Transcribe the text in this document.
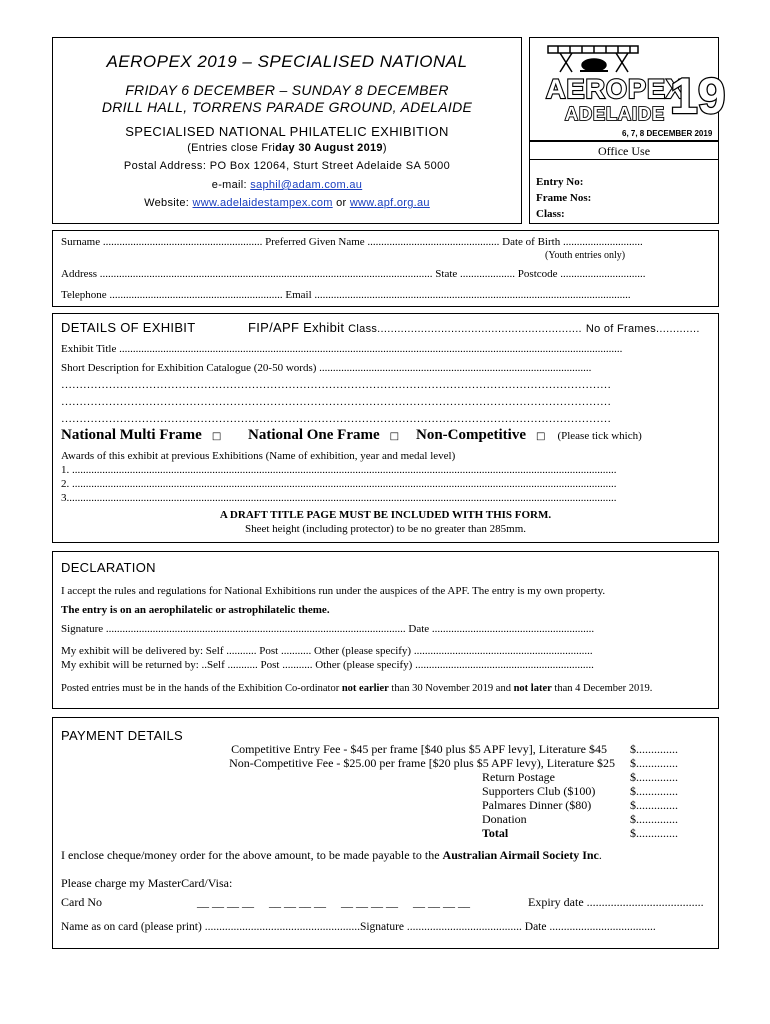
AEROPEX 2019 – SPECIALISED NATIONAL
FRIDAY 6 DECEMBER – SUNDAY 8 DECEMBER
DRILL HALL, TORRENS PARADE GROUND, ADELAIDE
SPECIALISED NATIONAL PHILATELIC EXHIBITION
(Entries close Friday 30 August 2019)
Postal Address: PO Box 12064, Sturt Street Adelaide SA 5000
e-mail: saphil@adam.com.au
Website: www.adelaidestampex.com or www.apf.org.au
AEROPEX
19
ADELAIDE
6, 7, 8 DECEMBER 2019
Office Use
Entry No:
Frame Nos:
Class:
Surname .......................................................... Preferred Given Name ................................................ Date of Birth .............................
(Youth entries only)
Address ......................................................................................................................... State .................... Postcode ...............................
Telephone ............................................................... Email ...................................................................................................................
DETAILS OF EXHIBIT	FIP/APF Exhibit Class............................................................. No of Frames.............
Exhibit Title .......................................................................................................................................................................................
Short Description for Exhibition Catalogue (20-50 words) ...................................................................................................
……………………………………………………………………………………………………………………………………
……………………………………………………………………………………………………………………………………
……………………………………………………………………………………………………………………………………
National Multi Frame □ National One Frame □ Non-Competitive □ (Please tick which)
Awards of this exhibit at previous Exhibitions (Name of exhibition, year and medal level)
1. ......................................................................................................................................................................................................
2. ......................................................................................................................................................................................................
3........................................................................................................................................................................................................
A DRAFT TITLE PAGE MUST BE INCLUDED WITH THIS FORM.
Sheet height (including protector) to be no greater than 285mm.
DECLARATION
I accept the rules and regulations for National Exhibitions run under the auspices of the APF. The entry is my own property.
The entry is on an aerophilatelic or astrophilatelic theme.
Signature ............................................................................................................. Date ...........................................................
My exhibit will be delivered by: Self ........... Post ........... Other (please specify) .................................................................
My exhibit will be returned by: ..Self ........... Post ........... Other (please specify) .................................................................
Posted entries must be in the hands of the Exhibition Co-ordinator not earlier than 30 November 2019 and not later than 4 December 2019.
PAYMENT DETAILS
Competitive Entry Fee - $45 per frame [$40 plus $5 APF levy], Literature $45 $..............
Non-Competitive Fee - $25.00 per frame [$20 plus $5 APF levy), Literature $25 $..............
Return Postage	$..............
Supporters Club ($100)	$..............
Palmares Dinner ($80)	$..............
Donation	$..............
Total	$..............
I enclose cheque/money order for the above amount, to be made payable to the Australian Airmail Society Inc.
Please charge my MasterCard/Visa:
Card No	__ __ __ __     __ __ __ __     __ __ __ __     __ __ __ __	Expiry date .......................................
Name as on card (please print) ......................................................Signature ........................................ Date .....................................
